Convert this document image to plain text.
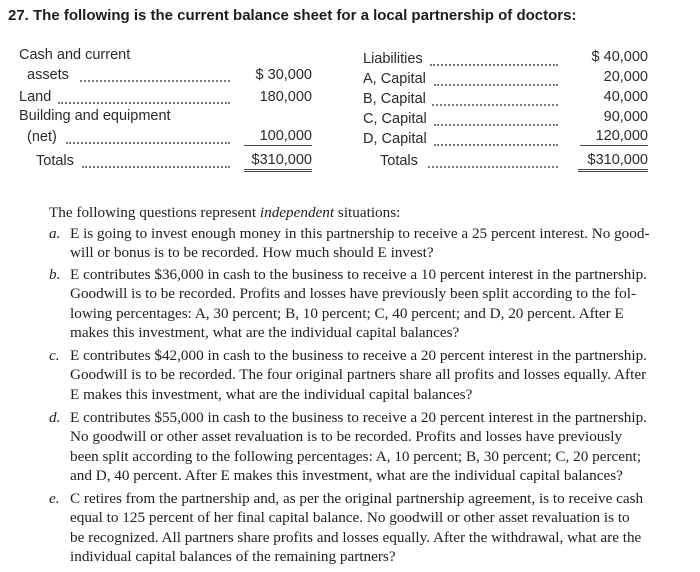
27. The following is the current balance sheet for a local partnership of doctors:
Cash and current
assets	$ 30,000
Land	180,000
Building and equipment
(net)	100,000
Totals	$310,000
Liabilities	$ 40,000
A, Capital	20,000
B, Capital	40,000
C, Capital	90,000
D, Capital	120,000
Totals	$310,000
The following questions represent independent situations:
a. E is going to invest enough money in this partnership to receive a 25 percent interest. No good-
will or bonus is to be recorded. How much should E invest?
b. E contributes $36,000 in cash to the business to receive a 10 percent interest in the partnership.
Goodwill is to be recorded. Profits and losses have previously been split according to the fol-
lowing percentages: A, 30 percent; B, 10 percent; C, 40 percent; and D, 20 percent. After E
makes this investment, what are the individual capital balances?
c. E contributes $42,000 in cash to the business to receive a 20 percent interest in the partnership.
Goodwill is to be recorded. The four original partners share all profits and losses equally. After
E makes this investment, what are the individual capital balances?
d. E contributes $55,000 in cash to the business to receive a 20 percent interest in the partnership.
No goodwill or other asset revaluation is to be recorded. Profits and losses have previously
been split according to the following percentages: A, 10 percent; B, 30 percent; C, 20 percent;
and D, 40 percent. After E makes this investment, what are the individual capital balances?
e. C retires from the partnership and, as per the original partnership agreement, is to receive cash
equal to 125 percent of her final capital balance. No goodwill or other asset revaluation is to
be recognized. All partners share profits and losses equally. After the withdrawal, what are the
individual capital balances of the remaining partners?
